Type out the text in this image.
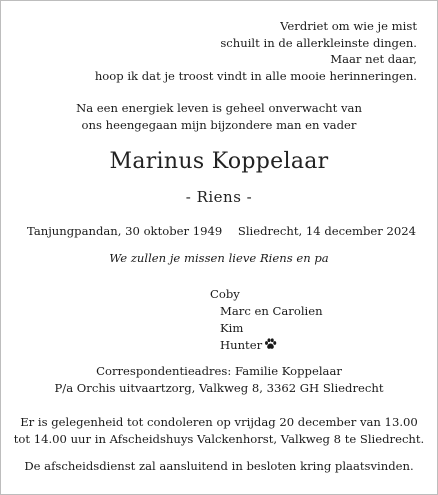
Verdriet om wie je mist
schuilt in de allerkleinste dingen.
Maar net daar,
hoop ik dat je troost vindt in alle mooie herinneringen.
Na een energiek leven is geheel onverwacht van
ons heengegaan mijn bijzondere man en vader
Marinus Koppelaar
- Riens -
Tanjungpandan, 30 oktober 1949 Sliedrecht, 14 december 2024
We zullen je missen lieve Riens en pa
Coby
Marc en Carolien
Kim
Hunter
Correspondentieadres: Familie Koppelaar
P/a Orchis uitvaartzorg, Valkweg 8, 3362 GH Sliedrecht
Er is gelegenheid tot condoleren op vrijdag 20 december van 13.00
tot 14.00 uur in Afscheidshuys Valckenhorst, Valkweg 8 te Sliedrecht.
De afscheidsdienst zal aansluitend in besloten kring plaatsvinden.
